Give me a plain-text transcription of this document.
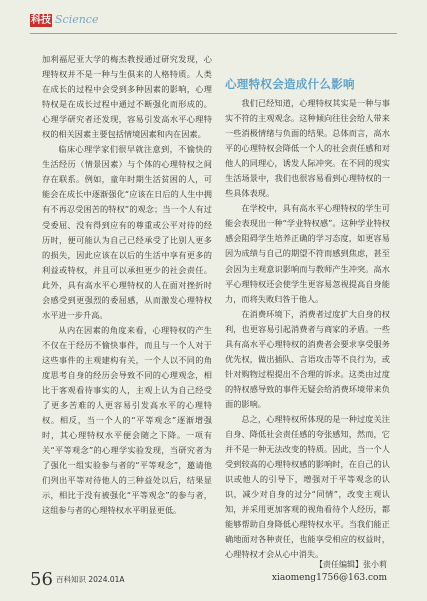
科技 Science

加利福尼亚大学的梅杰教授通过研究发现，心理特权并不是一种与生俱来的人格特质。人类在成长的过程中会受到多种因素的影响，心理特权是在成长过程中通过不断强化而形成的。心理学研究者还发现，容易引发高水平心理特权的相关因素主要包括情境因素和内在因素。

临床心理学家们很早就注意到，不愉快的生活经历（情景因素）与个体的心理特权之间存在联系。例如，童年时期生活贫困的人，可能会在成长中逐渐强化“应该在日后的人生中拥有不再忍受困苦的特权”的观念；当一个人有过受委屈、没有得到应有的尊重或公平对待的经历时，便可能认为自己已经承受了比别人更多的损失，因此应该在以后的生活中享有更多的利益或特权，并且可以承担更少的社会责任。此外，具有高水平心理特权的人在面对挫折时会感受到更强烈的委屈感，从而激发心理特权水平进一步升高。

从内在因素的角度来看，心理特权的产生不仅在于经历不愉快事件，而且与一个人对于这些事件的主观建构有关，一个人以不同的角度思考自身的经历会导致不同的心理观念，相比于客观看待事实的人，主观上认为自己经受了更多苦难的人更容易引发高水平的心理特权。相反，当一个人的“平等观念”逐渐增强时，其心理特权水平便会随之下降。一项有关“平等观念”的心理学实验发现，当研究者为了强化一组实验参与者的“平等观念”，邀请他们列出平等对待他人的三种益处以后，结果显示，相比于没有被强化“平等观念”的参与者，这组参与者的心理特权水平明显更低。

心理特权会造成什么影响

我们已经知道，心理特权其实是一种与事实不符的主观观念。这种倾向往往会给人带来一些消极情绪与负面的结果。总体而言，高水平的心理特权会降低一个人的社会责任感和对他人的同理心，诱发人际冲突。在不同的现实生活场景中，我们也很容易看到心理特权的一些具体表现。

在学校中，具有高水平心理特权的学生可能会表现出一种“学业特权感”。这种学业特权感会阻碍学生培养正确的学习态度，如更容易因为成绩与自己的期望不符而感到焦虑，甚至会因为主观意识影响而与教师产生冲突。高水平心理特权还会使学生更容易忽视提高自身能力，而将失败归咎于他人。

在消费环境下，消费者过度扩大自身的权利，也更容易引起消费者与商家的矛盾。一些具有高水平心理特权的消费者会要求享受服务优先权，做出插队、言语攻击等不良行为，或针对购物过程提出不合理的诉求。这类由过度的特权感导致的事件无疑会给消费环境带来负面的影响。

总之，心理特权所体现的是一种过度关注自身、降低社会责任感的夸张感知，然而，它并不是一种无法改变的特质。因此，当一个人受到较高的心理特权感的影响时，在自己的认识或他人的引导下，增强对于平等观念的认识，减少对自身的过分“同情”，改变主观认知，并采用更加客观的视角看待个人经历，都能够帮助自身降低心理特权水平。当我们能正确地面对各种责任，也能享受相应的权益时，心理特权才会从心中消失。

【责任编辑】张小莉
xiaomeng1756@163.com
56 百科知识 2024.01A
